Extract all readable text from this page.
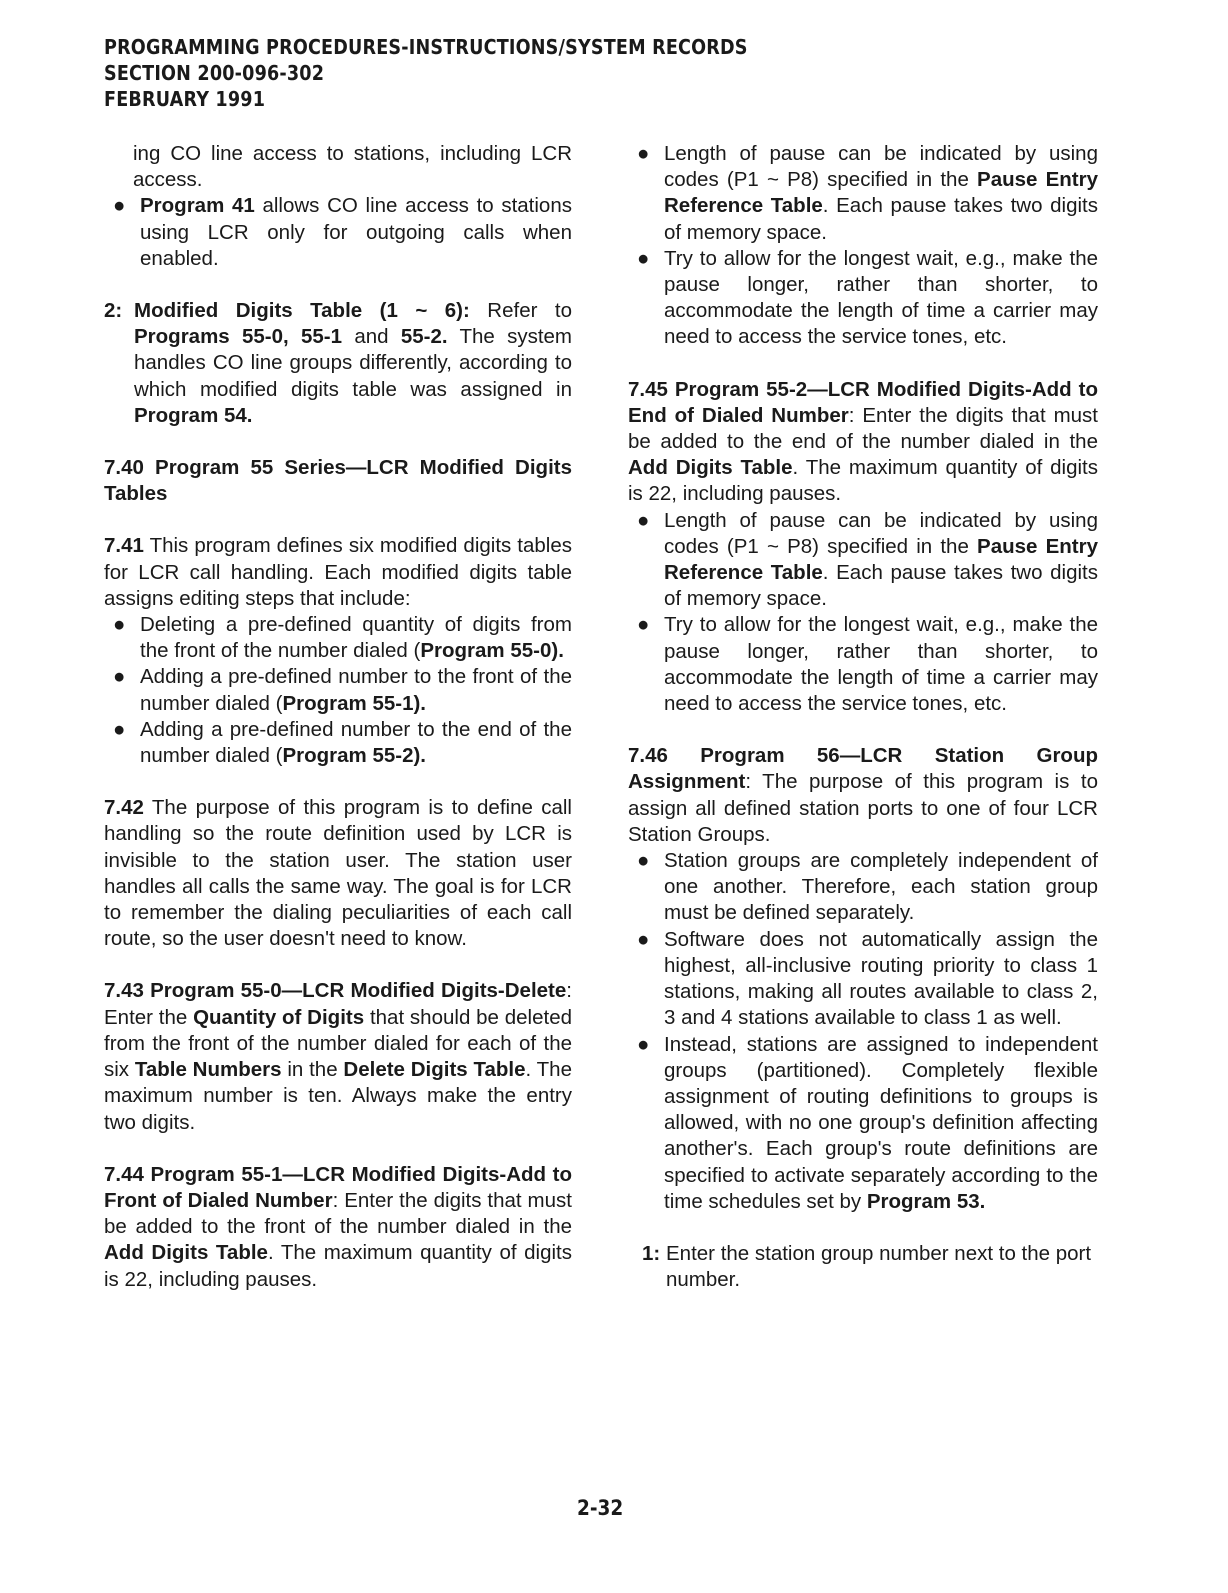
PROGRAMMING PROCEDURES-INSTRUCTIONS/SYSTEM RECORDS
SECTION 200-096-302
FEBRUARY 1991
ing CO line access to stations, including LCR access.
● Program 41 allows CO line access to stations using LCR only for outgoing calls when enabled.
2: Modified Digits Table (1 ~ 6): Refer to Programs 55-0, 55-1 and 55-2. The system handles CO line groups differently, according to which modified digits table was assigned in Program 54.
7.40 Program 55 Series—LCR Modified Digits Tables
7.41 This program defines six modified digits tables for LCR call handling. Each modified digits table assigns editing steps that include:
● Deleting a pre-defined quantity of digits from the front of the number dialed (Program 55-0).
● Adding a pre-defined number to the front of the number dialed (Program 55-1).
● Adding a pre-defined number to the end of the number dialed (Program 55-2).
7.42 The purpose of this program is to define call handling so the route definition used by LCR is invisible to the station user. The station user handles all calls the same way. The goal is for LCR to remember the dialing peculiarities of each call route, so the user doesn't need to know.
7.43 Program 55-0—LCR Modified Digits-Delete: Enter the Quantity of Digits that should be deleted from the front of the number dialed for each of the six Table Numbers in the Delete Digits Table. The maximum number is ten. Always make the entry two digits.
7.44 Program 55-1—LCR Modified Digits-Add to Front of Dialed Number: Enter the digits that must be added to the front of the number dialed in the Add Digits Table. The maximum quantity of digits is 22, including pauses.
● Length of pause can be indicated by using codes (P1 ~ P8) specified in the Pause Entry Reference Table. Each pause takes two digits of memory space.
● Try to allow for the longest wait, e.g., make the pause longer, rather than shorter, to accommodate the length of time a carrier may need to access the service tones, etc.
7.45 Program 55-2—LCR Modified Digits-Add to End of Dialed Number: Enter the digits that must be added to the end of the number dialed in the Add Digits Table. The maximum quantity of digits is 22, including pauses.
● Length of pause can be indicated by using codes (P1 ~ P8) specified in the Pause Entry Reference Table. Each pause takes two digits of memory space.
● Try to allow for the longest wait, e.g., make the pause longer, rather than shorter, to accommodate the length of time a carrier may need to access the service tones, etc.
7.46 Program 56—LCR Station Group Assignment: The purpose of this program is to assign all defined station ports to one of four LCR Station Groups.
● Station groups are completely independent of one another. Therefore, each station group must be defined separately.
● Software does not automatically assign the highest, all-inclusive routing priority to class 1 stations, making all routes available to class 2, 3 and 4 stations available to class 1 as well.
● Instead, stations are assigned to independent groups (partitioned). Completely flexible assignment of routing definitions to groups is allowed, with no one group's definition affecting another's. Each group's route definitions are specified to activate separately according to the time schedules set by Program 53.
1: Enter the station group number next to the port number.
2-32
